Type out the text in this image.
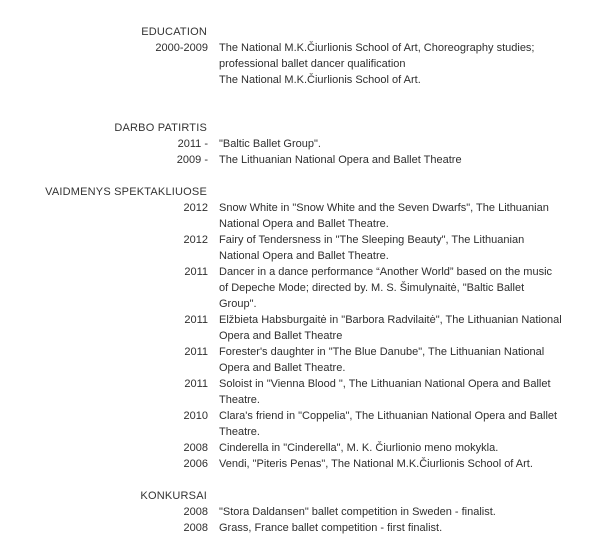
EDUCATION
2000-2009 The National M.K.Čiurlionis School of Art, Choreography studies; professional ballet dancer qualification
The National M.K.Čiurlionis School of Art.
DARBO PATIRTIS
2011 - "Baltic Ballet Group".
2009 - The Lithuanian National Opera and Ballet Theatre
VAIDMENYS SPEKTAKLIUOSE
2012 Snow White in "Snow White and the Seven Dwarfs", The Lithuanian National Opera and Ballet Theatre.
2012 Fairy of Tendersness in "The Sleeping Beauty", The Lithuanian National Opera and Ballet Theatre.
2011 Dancer in a dance performance “Another World” based on the music of Depeche Mode; directed by. M. S. Šimulynaitė, "Baltic Ballet Group".
2011 Elžbieta Habsburgaitė in "Barbora Radvilaitė", The Lithuanian National Opera and Ballet Theatre
2011 Forester's daughter in "The Blue Danube", The Lithuanian National Opera and Ballet Theatre.
2011 Soloist in "Vienna Blood ", The Lithuanian National Opera and Ballet Theatre.
2010 Clara's friend in "Coppelia", The Lithuanian National Opera and Ballet Theatre.
2008 Cinderella in "Cinderella", M. K. Čiurlionio meno mokykla.
2006 Vendi, "Piteris Penas", The National M.K.Čiurlionis School of Art.
KONKURSAI
2008 "Stora Daldansen" ballet competition in Sweden - finalist.
2008 Grass, France ballet competition - first finalist.
